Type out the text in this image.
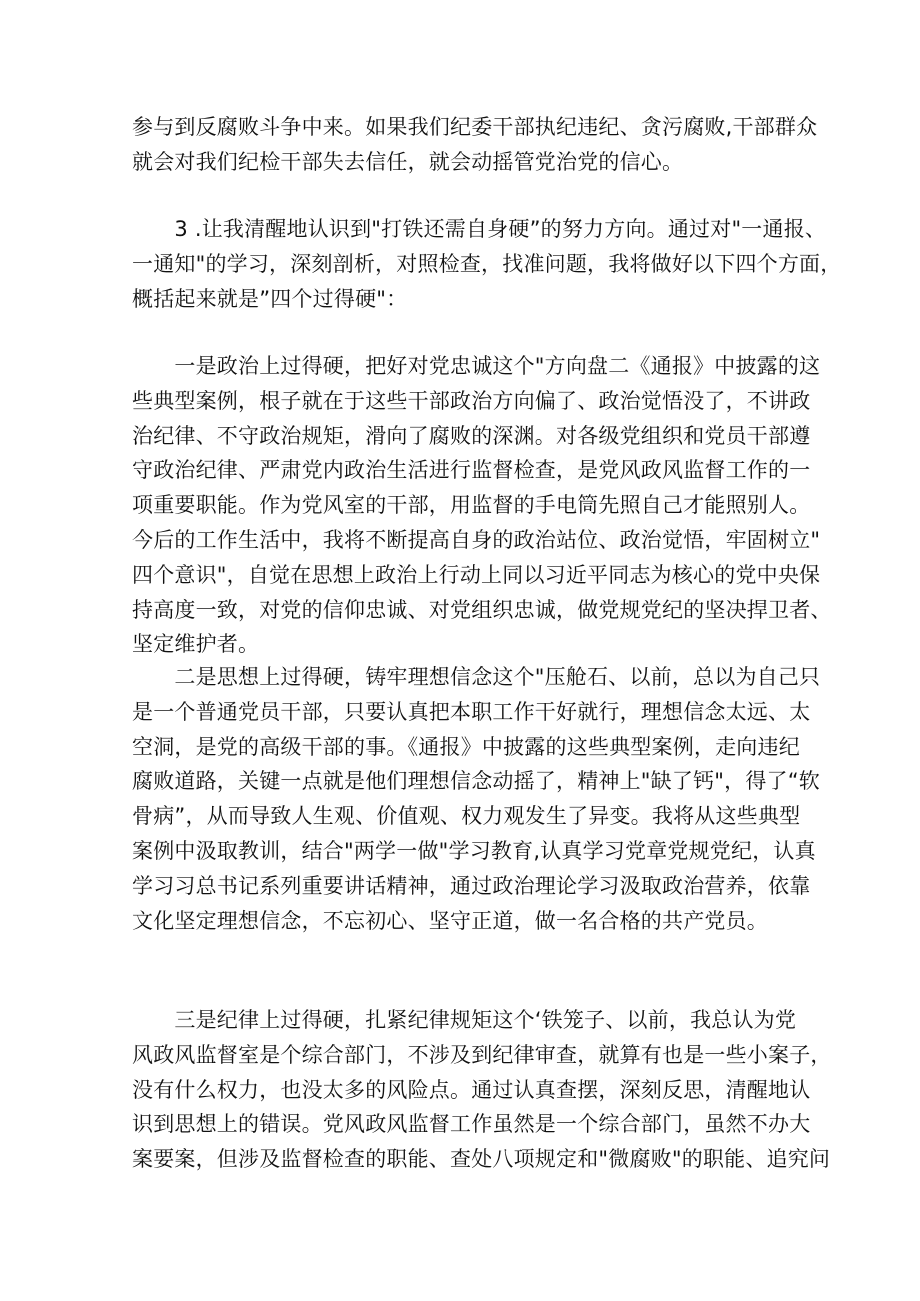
参与到反腐败斗争中来。如果我们纪委干部执纪违纪、贪污腐败,干部群众
就会对我们纪检干部失去信任，就会动摇管党治党的信心。
　　3 .让我清醒地认识到"打铁还需自身硬”的努力方向。通过对"一通报、
一通知"的学习，深刻剖析，对照检查，找准问题，我将做好以下四个方面，
概括起来就是”四个过得硬"：
　　一是政治上过得硬，把好对党忠诚这个"方向盘二《通报》中披露的这
些典型案例，根子就在于这些干部政治方向偏了、政治觉悟没了，不讲政
治纪律、不守政治规矩，滑向了腐败的深渊。对各级党组织和党员干部遵
守政治纪律、严肃党内政治生活进行监督检查，是党风政风监督工作的一
项重要职能。作为党风室的干部，用监督的手电筒先照自己才能照别人。
今后的工作生活中，我将不断提高自身的政治站位、政治觉悟，牢固树立"
四个意识"，自觉在思想上政治上行动上同以习近平同志为核心的党中央保
持高度一致，对党的信仰忠诚、对党组织忠诚，做党规党纪的坚决捍卫者、
坚定维护者。
　　二是思想上过得硬，铸牢理想信念这个"压舱石、以前，总以为自己只
是一个普通党员干部，只要认真把本职工作干好就行，理想信念太远、太
空洞，是党的高级干部的事。《通报》中披露的这些典型案例，走向违纪
腐败道路，关键一点就是他们理想信念动摇了，精神上"缺了钙"，得了“软
骨病”，从而导致人生观、价值观、权力观发生了异变。我将从这些典型
案例中汲取教训，结合"两学一做"学习教育,认真学习党章党规党纪，认真
学习习总书记系列重要讲话精神，通过政治理论学习汲取政治营养，依靠
文化坚定理想信念，不忘初心、坚守正道，做一名合格的共产党员。
　　三是纪律上过得硬，扎紧纪律规矩这个‘铁笼子、以前，我总认为党
风政风监督室是个综合部门，不涉及到纪律审查，就算有也是一些小案子，
没有什么权力，也没太多的风险点。通过认真查摆，深刻反思，清醒地认
识到思想上的错误。党风政风监督工作虽然是一个综合部门，虽然不办大
案要案，但涉及监督检查的职能、查处八项规定和"微腐败"的职能、追究问
